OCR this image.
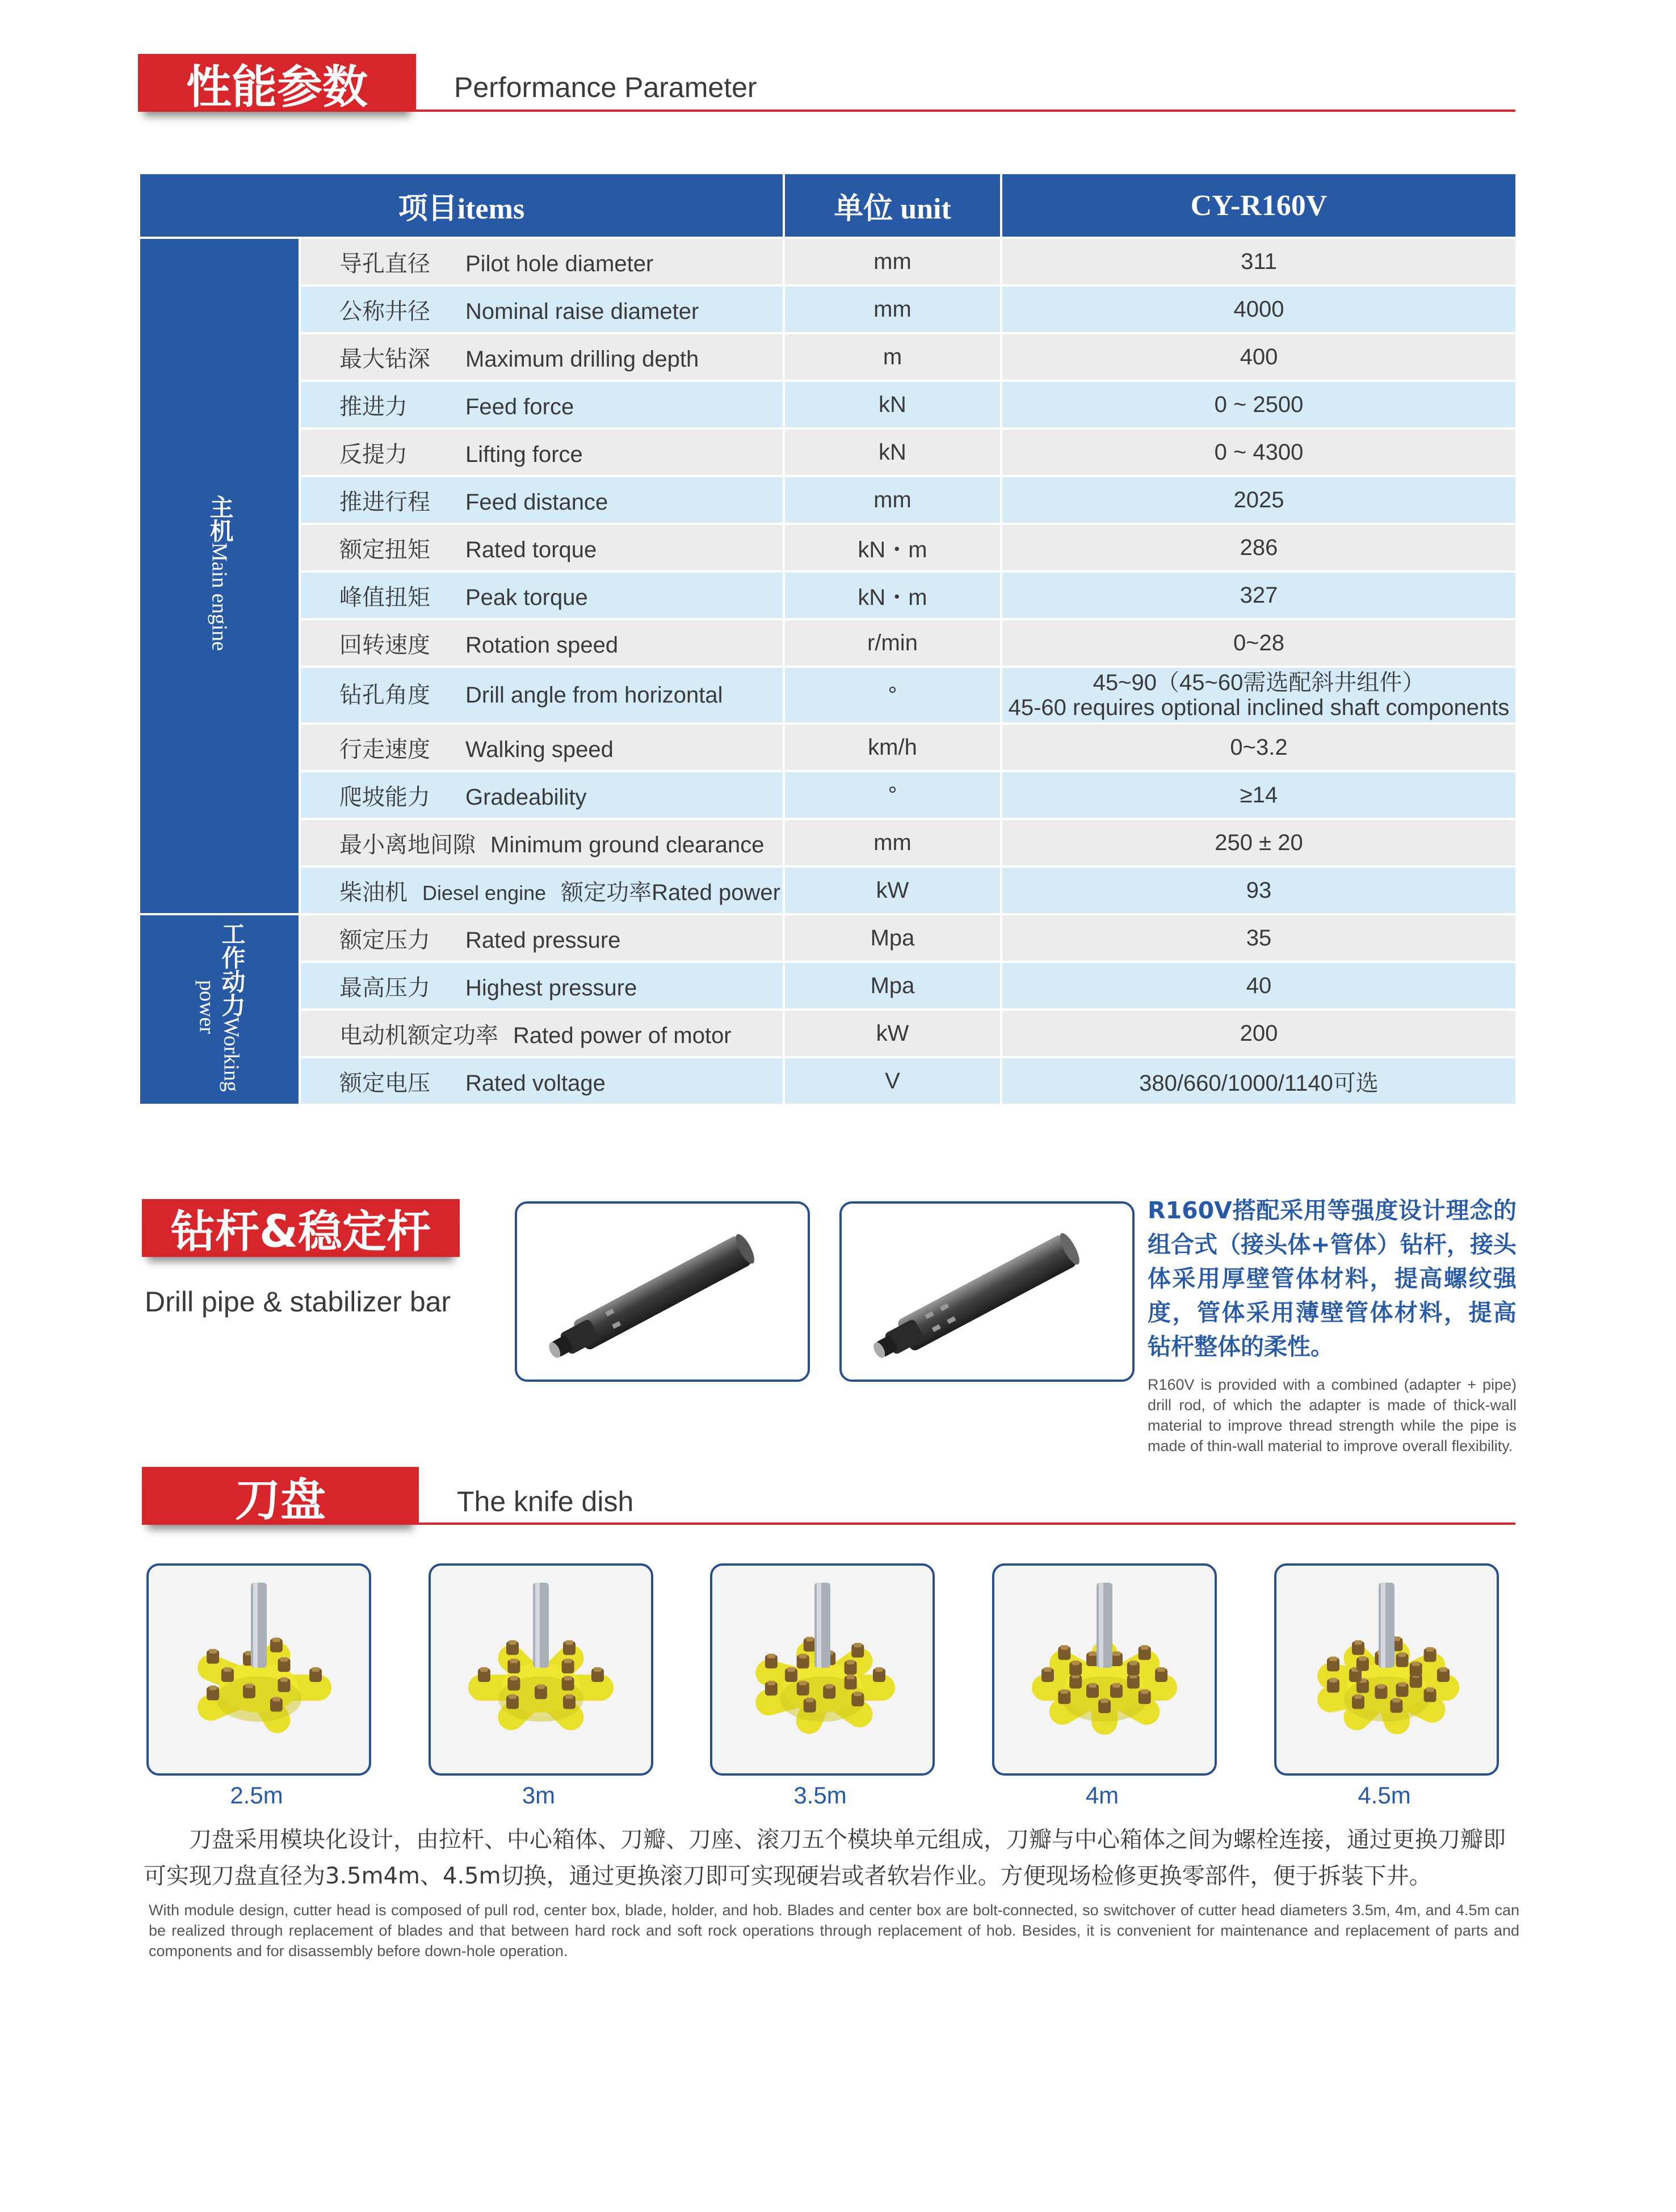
性能参数	Performance Parameter
项目items		单位 unit	CY-R160V
主机Main engine	导孔直径 Pilot hole diameter	mm	311
	公称井径 Nominal raise diameter	mm	4000
	最大钻深 Maximum drilling depth	m	400
	推进力 Feed force	kN	0 ~ 2500
	反提力 Lifting force	kN	0 ~ 4300
	推进行程 Feed distance	mm	2025
	额定扭矩 Rated torque	kN・m	286
	峰值扭矩 Peak torque	kN・m	327
	回转速度 Rotation speed	r/min	0~28
	钻孔角度 Drill angle from horizontal	°	45~90（45~60需选配斜井组件）
45-60 requires optional inclined shaft components

	行走速度 Walking speed	km/h	0~3.2
	爬坡能力 Gradeability	°	≥14
	最小离地间隙 Minimum ground clearance	mm	250 ± 20
	柴油机 Diesel engine 额定功率Rated power	kW	93
工作动力Working power	额定压力 Rated pressure	Mpa	35
	最高压力 Highest pressure	Mpa	40
	电动机额定功率 Rated power of motor	kW	200
	额定电压 Rated voltage	V	380/660/1000/1140可选
钻杆&稳定杆
Drill pipe & stabilizer bar
R160V搭配采用等强度设计理念的组合式（接头体+管体）钻杆，接头体采用厚壁管体材料，提高螺纹强度，管体采用薄壁管体材料，提高钻杆整体的柔性。
R160V is provided with a combined (adapter + pipe) drill rod, of which the adapter is made of thick-wall material to improve thread strength while the pipe is made of thin-wall material to improve overall flexibility.
刀盘	The knife dish
2.5m	3m	3.5m	4m	4.5m
刀盘采用模块化设计，由拉杆、中心箱体、刀瓣、刀座、滚刀五个模块单元组成，刀瓣与中心箱体之间为螺栓连接，通过更换刀瓣即可实现刀盘直径为3.5m4m、4.5m切换，通过更换滚刀即可实现硬岩或者软岩作业。方便现场检修更换零部件，便于拆装下井。
With module design, cutter head is composed of pull rod, center box, blade, holder, and hob. Blades and center box are bolt-connected, so switchover of cutter head diameters 3.5m, 4m, and 4.5m can be realized through replacement of blades and that between hard rock and soft rock operations through replacement of hob. Besides, it is convenient for maintenance and replacement of parts and components and for disassembly before down-hole operation.
